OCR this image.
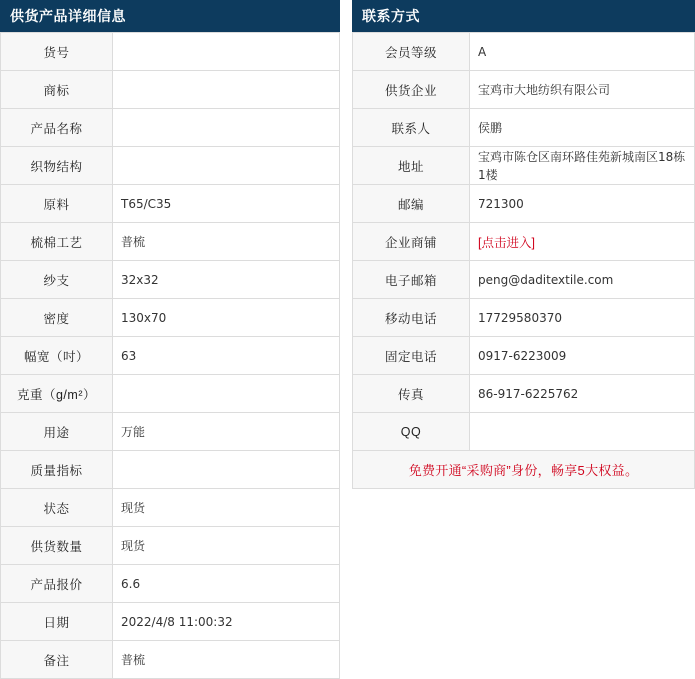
供货产品详细信息
货号	
商标	
产品名称	
织物结构	
原料	T65/C35
梳棉工艺	普梳
纱支	32x32
密度	130x70
幅宽（吋）	63
克重（g/m²）	
用途	万能
质量指标	
状态	现货
供货数量	现货
产品报价	6.6
日期	2022/4/8 11:00:32
备注	普梳
联系方式
会员等级	A
供货企业	宝鸡市大地纺织有限公司
联系人	侯鹏
地址	宝鸡市陈仓区南环路佳苑新城南区18栋1楼
邮编	721300
企业商铺	[点击进入]
电子邮箱	peng@daditextile.com
移动电话	17729580370
固定电话	0917-6223009
传真	86-917-6225762
QQ	
免费开通“采购商”身份，畅享5大权益。	
